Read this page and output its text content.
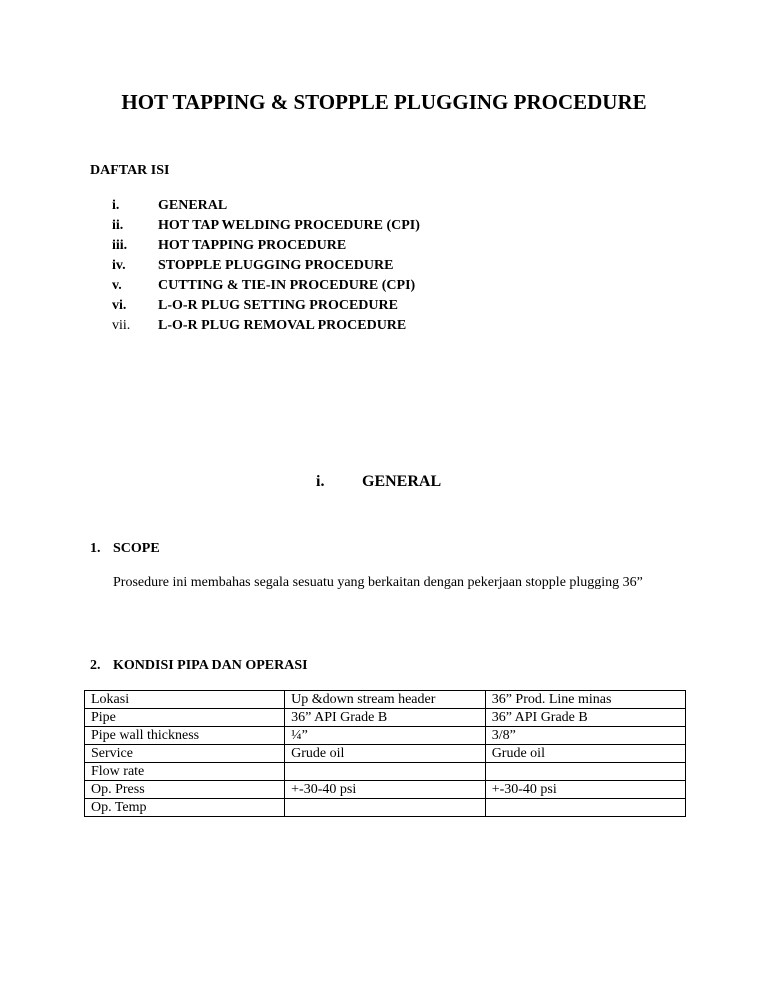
HOT TAPPING & STOPPLE PLUGGING PROCEDURE
DAFTAR ISI
i.	GENERAL
ii. HOT TAP WELDING PROCEDURE (CPI)
iii. HOT TAPPING PROCEDURE
iv. STOPPLE PLUGGING PROCEDURE
v.	CUTTING & TIE-IN PROCEDURE (CPI)
vi. L-O-R PLUG SETTING PROCEDURE
vii. L-O-R PLUG REMOVAL PROCEDURE
i. GENERAL
1. SCOPE

Prosedure ini membahas segala sesuatu yang berkaitan dengan pekerjaan stopple plugging 36”

2. KONDISI PIPA DAN OPERASI
Lokasi	Up &down stream header	36” Prod. Line minas
Pipe	36” API Grade B	36” API Grade B
Pipe wall thickness	¼”	3/8”
Service	Grude oil	Grude oil
Flow rate		
Op. Press	+-30-40 psi	+-30-40 psi
Op. Temp		
